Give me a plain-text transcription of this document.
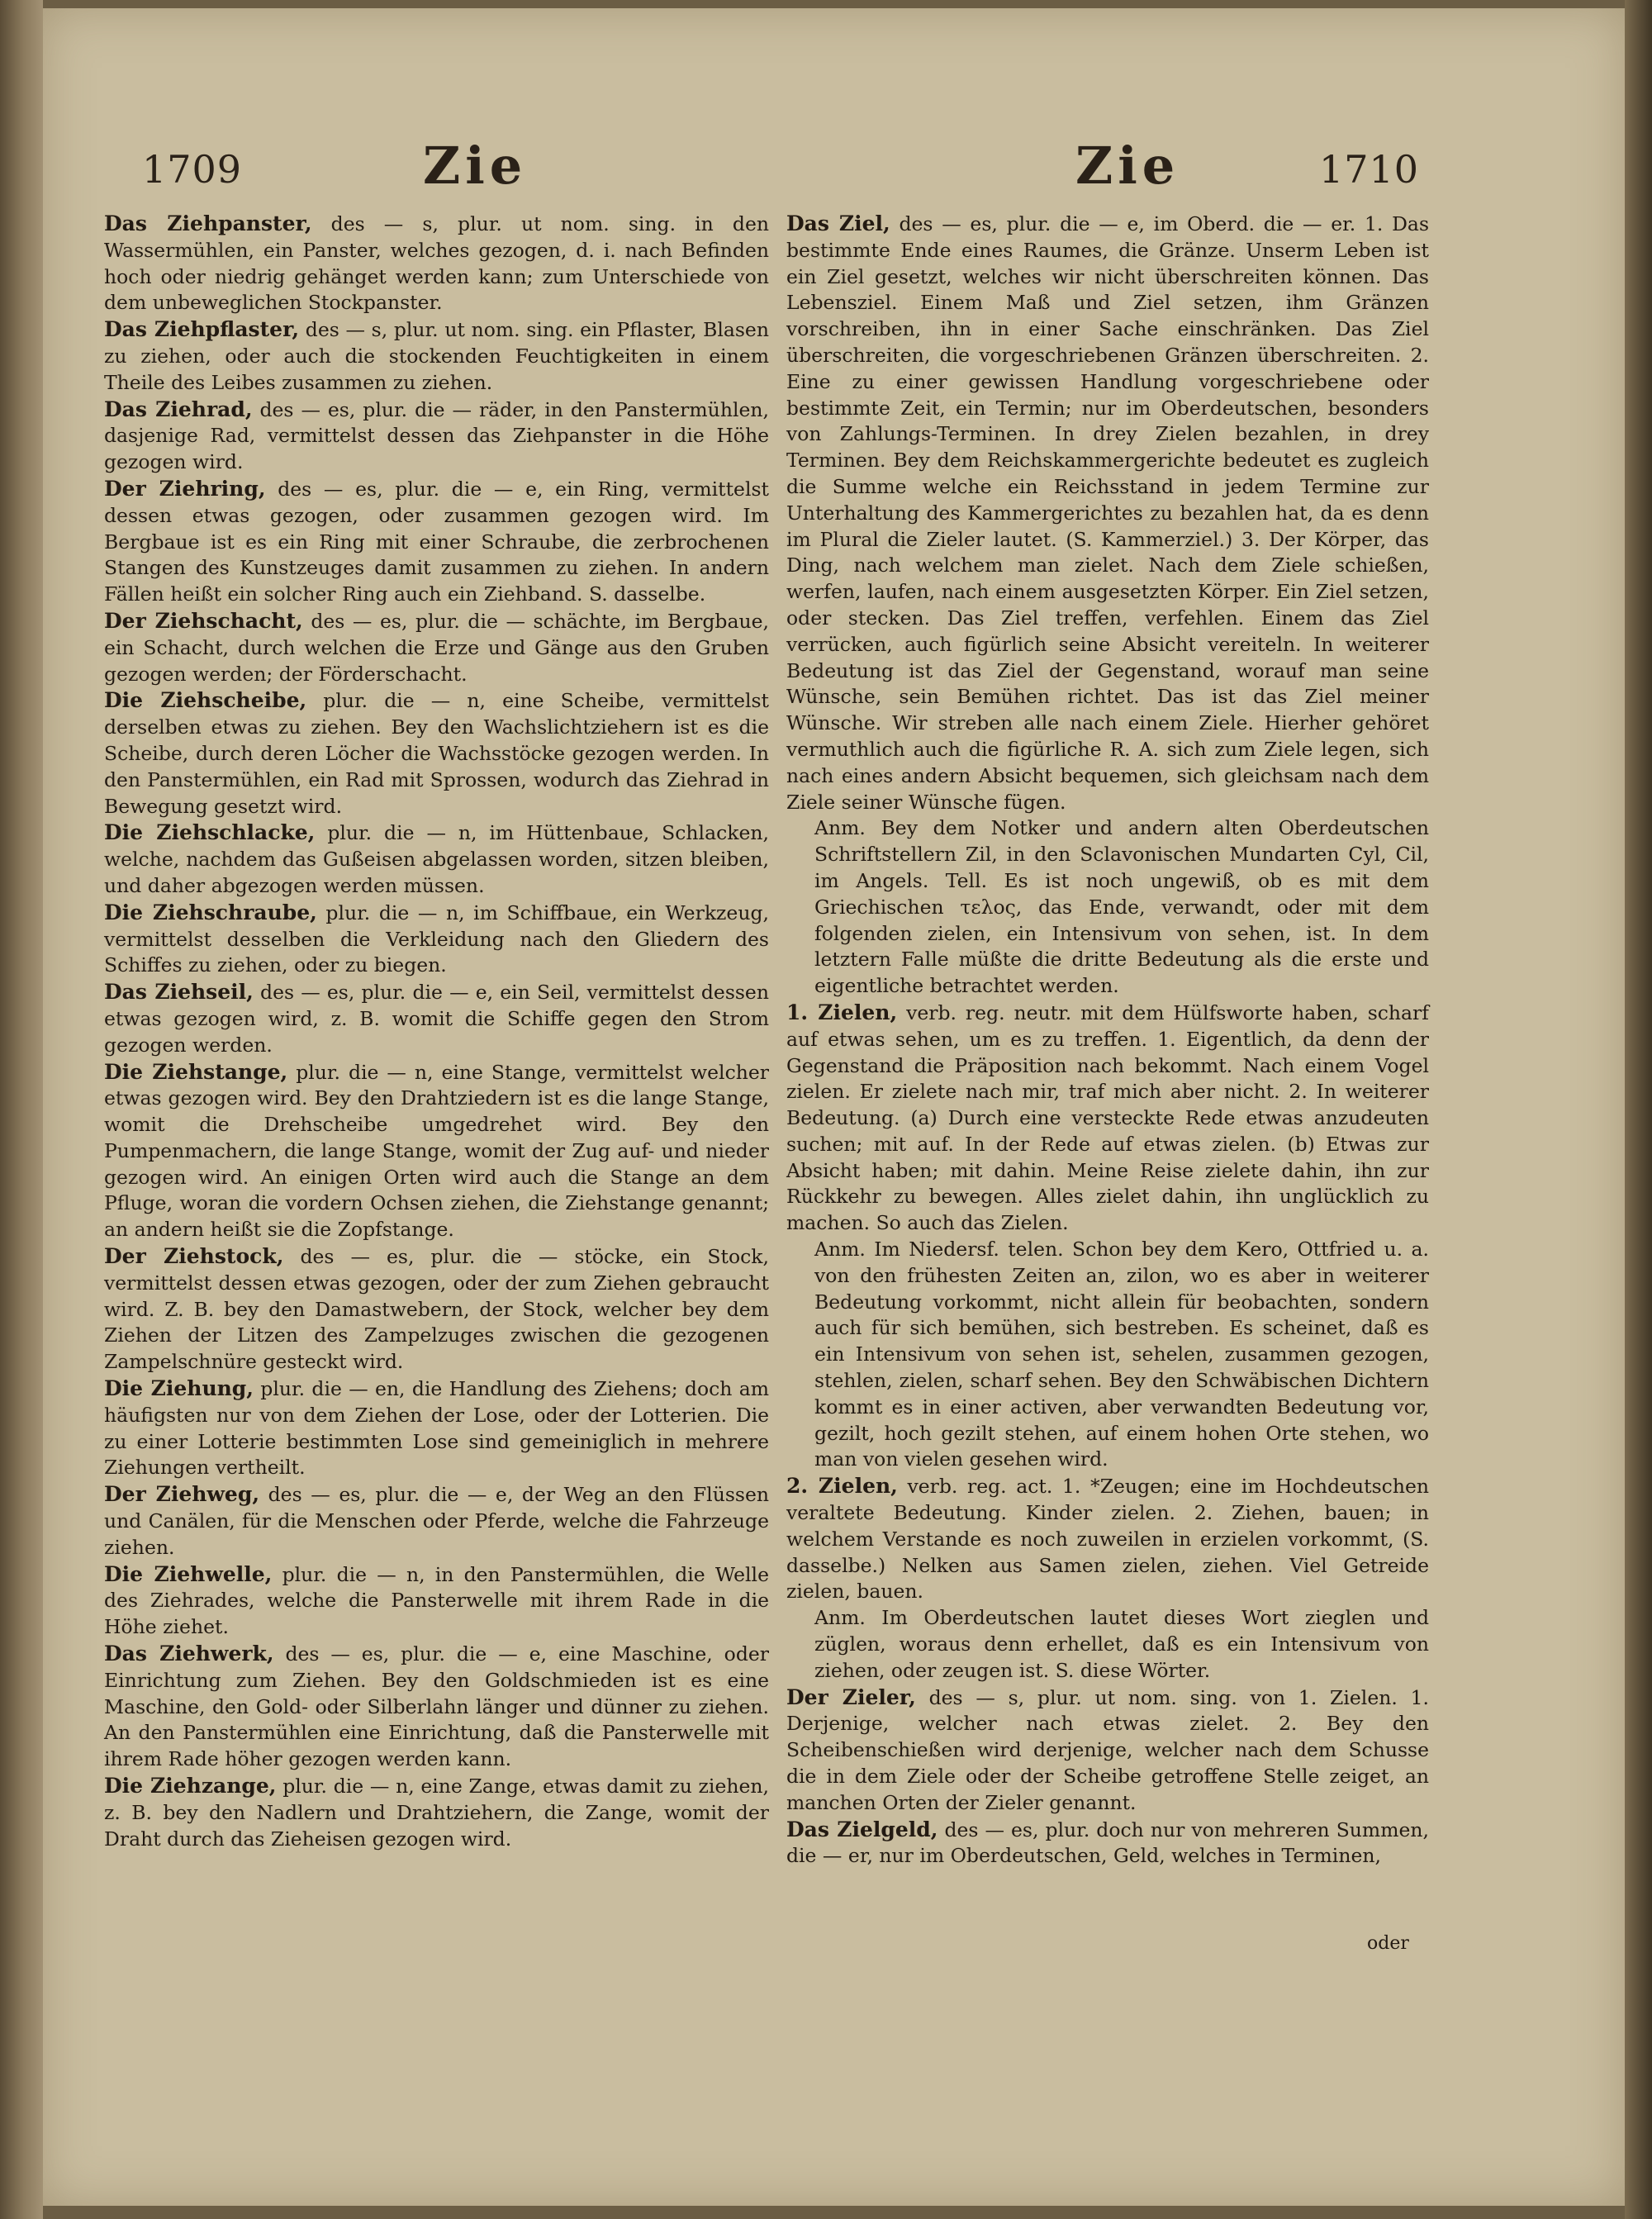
1709	Zie	Zie	1710

Das Ziehpanster, des — s, plur. ut nom. sing. in den Wassermühlen, ein Panster, welches gezogen, d. i. nach Befinden hoch oder niedrig gehänget werden kann; zum Unterschiede von dem unbeweglichen Stockpanster.

Das Ziehpflaster, des — s, plur. ut nom. sing. ein Pflaster, Blasen zu ziehen, oder auch die stockenden Feuchtigkeiten in einem Theile des Leibes zusammen zu ziehen.

Das Ziehrad, des — es, plur. die — räder, in den Panstermühlen, dasjenige Rad, vermittelst dessen das Ziehpanster in die Höhe gezogen wird.

Der Ziehring, des — es, plur. die — e, ein Ring, vermittelst dessen etwas gezogen, oder zusammen gezogen wird. Im Bergbaue ist es ein Ring mit einer Schraube, die zerbrochenen Stangen des Kunstzeuges damit zusammen zu ziehen. In andern Fällen heißt ein solcher Ring auch ein Ziehband. S. dasselbe.

Der Ziehschacht, des — es, plur. die — schächte, im Bergbaue, ein Schacht, durch welchen die Erze und Gänge aus den Gruben gezogen werden; der Förderschacht.

Die Ziehscheibe, plur. die — n, eine Scheibe, vermittelst derselben etwas zu ziehen. Bey den Wachslichtziehern ist es die Scheibe, durch deren Löcher die Wachsstöcke gezogen werden. In den Panstermühlen, ein Rad mit Sprossen, wodurch das Ziehrad in Bewegung gesetzt wird.

Die Ziehschlacke, plur. die — n, im Hüttenbaue, Schlacken, welche, nachdem das Gußeisen abgelassen worden, sitzen bleiben, und daher abgezogen werden müssen.

Die Ziehschraube, plur. die — n, im Schiffbaue, ein Werkzeug, vermittelst desselben die Verkleidung nach den Gliedern des Schiffes zu ziehen, oder zu biegen.

Das Ziehseil, des — es, plur. die — e, ein Seil, vermittelst dessen etwas gezogen wird, z. B. womit die Schiffe gegen den Strom gezogen werden.

Die Ziehstange, plur. die — n, eine Stange, vermittelst welcher etwas gezogen wird. Bey den Drahtziedern ist es die lange Stange, womit die Drehscheibe umgedrehet wird. Bey den Pumpenmachern, die lange Stange, womit der Zug auf- und nieder gezogen wird. An einigen Orten wird auch die Stange an dem Pfluge, woran die vordern Ochsen ziehen, die Ziehstange genannt; an andern heißt sie die Zopfstange.

Der Ziehstock, des — es, plur. die — stöcke, ein Stock, vermittelst dessen etwas gezogen, oder der zum Ziehen gebraucht wird. Z. B. bey den Damastwebern, der Stock, welcher bey dem Ziehen der Litzen des Zampelzuges zwischen die gezogenen Zampelschnüre gesteckt wird.

Die Ziehung, plur. die — en, die Handlung des Ziehens; doch am häufigsten nur von dem Ziehen der Lose, oder der Lotterien. Die zu einer Lotterie bestimmten Lose sind gemeiniglich in mehrere Ziehungen vertheilt.

Der Ziehweg, des — es, plur. die — e, der Weg an den Flüssen und Canälen, für die Menschen oder Pferde, welche die Fahrzeuge ziehen.

Die Ziehwelle, plur. die — n, in den Panstermühlen, die Welle des Ziehrades, welche die Pansterwelle mit ihrem Rade in die Höhe ziehet.

Das Ziehwerk, des — es, plur. die — e, eine Maschine, oder Einrichtung zum Ziehen. Bey den Goldschmieden ist es eine Maschine, den Gold- oder Silberlahn länger und dünner zu ziehen. An den Panstermühlen eine Einrichtung, daß die Pansterwelle mit ihrem Rade höher gezogen werden kann.

Die Ziehzange, plur. die — n, eine Zange, etwas damit zu ziehen, z. B. bey den Nadlern und Drahtziehern, die Zange, womit der Draht durch das Zieheisen gezogen wird.

Das Ziel, des — es, plur. die — e, im Oberd. die — er. 1. Das bestimmte Ende eines Raumes, die Gränze. Unserm Leben ist ein Ziel gesetzt, welches wir nicht überschreiten können. Das Lebensziel. Einem Maß und Ziel setzen, ihm Gränzen vorschreiben, ihn in einer Sache einschränken. Das Ziel überschreiten, die vorgeschriebenen Gränzen überschreiten. 2. Eine zu einer gewissen Handlung vorgeschriebene oder bestimmte Zeit, ein Termin; nur im Oberdeutschen, besonders von Zahlungs-Terminen. In drey Zielen bezahlen, in drey Terminen. Bey dem Reichskammergerichte bedeutet es zugleich die Summe welche ein Reichsstand in jedem Termine zur Unterhaltung des Kammergerichtes zu bezahlen hat, da es denn im Plural die Zieler lautet. (S. Kammerziel.) 3. Der Körper, das Ding, nach welchem man zielet. Nach dem Ziele schießen, werfen, laufen, nach einem ausgesetzten Körper. Ein Ziel setzen, oder stecken. Das Ziel treffen, verfehlen. Einem das Ziel verrücken, auch figürlich seine Absicht vereiteln. In weiterer Bedeutung ist das Ziel der Gegenstand, worauf man seine Wünsche, sein Bemühen richtet. Das ist das Ziel meiner Wünsche. Wir streben alle nach einem Ziele. Hierher gehöret vermuthlich auch die figürliche R. A. sich zum Ziele legen, sich nach eines andern Absicht bequemen, sich gleichsam nach dem Ziele seiner Wünsche fügen.

Anm. Bey dem Notker und andern alten Oberdeutschen Schriftstellern Zil, in den Sclavonischen Mundarten Cyl, Cil, im Angels. Tell. Es ist noch ungewiß, ob es mit dem Griechischen τελος, das Ende, verwandt, oder mit dem folgenden zielen, ein Intensivum von sehen, ist. In dem letztern Falle müßte die dritte Bedeutung als die erste und eigentliche betrachtet werden.

1. Zielen, verb. reg. neutr. mit dem Hülfsworte haben, scharf auf etwas sehen, um es zu treffen. 1. Eigentlich, da denn der Gegenstand die Präposition nach bekommt. Nach einem Vogel zielen. Er zielete nach mir, traf mich aber nicht. 2. In weiterer Bedeutung. (a) Durch eine versteckte Rede etwas anzudeuten suchen; mit auf. In der Rede auf etwas zielen. (b) Etwas zur Absicht haben; mit dahin. Meine Reise zielete dahin, ihn zur Rückkehr zu bewegen. Alles zielet dahin, ihn unglücklich zu machen. So auch das Zielen.

Anm. Im Niedersf. telen. Schon bey dem Kero, Ottfried u. a. von den frühesten Zeiten an, zilon, wo es aber in weiterer Bedeutung vorkommt, nicht allein für beobachten, sondern auch für sich bemühen, sich bestreben. Es scheinet, daß es ein Intensivum von sehen ist, sehelen, zusammen gezogen, stehlen, zielen, scharf sehen. Bey den Schwäbischen Dichtern kommt es in einer activen, aber verwandten Bedeutung vor, gezilt, hoch gezilt stehen, auf einem hohen Orte stehen, wo man von vielen gesehen wird.

2. Zielen, verb. reg. act. 1. *Zeugen; eine im Hochdeutschen veraltete Bedeutung. Kinder zielen. 2. Ziehen, bauen; in welchem Verstande es noch zuweilen in erzielen vorkommt, (S. dasselbe.) Nelken aus Samen zielen, ziehen. Viel Getreide zielen, bauen.

Anm. Im Oberdeutschen lautet dieses Wort zieglen und züglen, woraus denn erhellet, daß es ein Intensivum von ziehen, oder zeugen ist. S. diese Wörter.

Der Zieler, des — s, plur. ut nom. sing. von 1. Zielen. 1. Derjenige, welcher nach etwas zielet. 2. Bey den Scheibenschießen wird derjenige, welcher nach dem Schusse die in dem Ziele oder der Scheibe getroffene Stelle zeiget, an manchen Orten der Zieler genannt.

Das Zielgeld, des — es, plur. doch nur von mehreren Summen, die — er, nur im Oberdeutschen, Geld, welches in Terminen,

oder
